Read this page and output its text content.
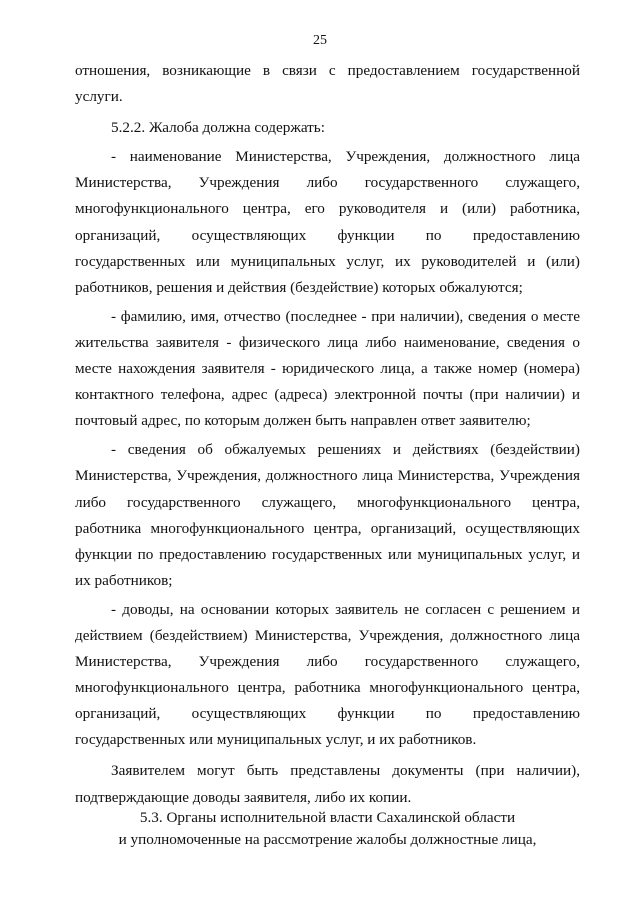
25
отношения, возникающие в связи с предоставлением государственной
услуги.
5.2.2. Жалоба должна содержать:
- наименование Министерства, Учреждения, должностного лица
Министерства, Учреждения либо государственного служащего,
многофункционального центра, его руководителя и (или) работника,
организаций, осуществляющих функции по предоставлению
государственных или муниципальных услуг, их руководителей и (или)
работников, решения и действия (бездействие) которых обжалуются;
- фамилию, имя, отчество (последнее - при наличии), сведения о месте
жительства заявителя - физического лица либо наименование, сведения о
месте нахождения заявителя - юридического лица, а также номер (номера)
контактного телефона, адрес (адреса) электронной почты (при наличии) и
почтовый адрес, по которым должен быть направлен ответ заявителю;
- сведения об обжалуемых решениях и действиях (бездействии)
Министерства, Учреждения, должностного лица Министерства, Учреждения
либо государственного служащего, многофункционального центра,
работника многофункционального центра, организаций, осуществляющих
функции по предоставлению государственных или муниципальных услуг, и
их работников;
- доводы, на основании которых заявитель не согласен с решением и
действием (бездействием) Министерства, Учреждения, должностного лица
Министерства, Учреждения либо государственного служащего,
многофункционального центра, работника многофункционального центра,
организаций, осуществляющих функции по предоставлению
государственных или муниципальных услуг, и их работников.
Заявителем могут быть представлены документы (при наличии),
подтверждающие доводы заявителя, либо их копии.
5.3. Органы исполнительной власти Сахалинской области
и уполномоченные на рассмотрение жалобы должностные лица,
